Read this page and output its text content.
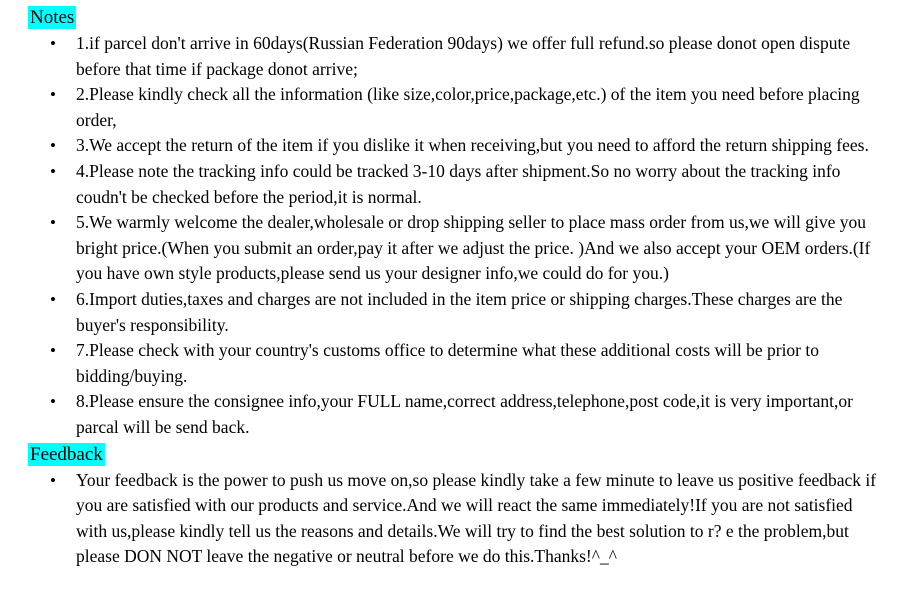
Notes
• 1.if parcel don't arrive in 60days(Russian Federation 90days) we offer full refund.so please donot open dispute before that time if package donot arrive;
• 2.Please kindly check all the information (like size,color,price,package,etc.) of the item you need before placing order,
• 3.We accept the return of the item if you dislike it when receiving,but you need to afford the return shipping fees.
• 4.Please note the tracking info could be tracked 3-10 days after shipment.So no worry about the tracking info coudn't be checked before the period,it is normal.
• 5.We warmly welcome the dealer,wholesale or drop shipping seller to place mass order from us,we will give you bright price.(When you submit an order,pay it after we adjust the price. )And we also accept your OEM orders.(If you have own style products,please send us your designer info,we could do for you.)
• 6.Import duties,taxes and charges are not included in the item price or shipping charges.These charges are the buyer's responsibility.
• 7.Please check with your country's customs office to determine what these additional costs will be prior to bidding/buying.
• 8.Please ensure the consignee info,your FULL name,correct address,telephone,post code,it is very important,or parcal will be send back.
Feedback
• Your feedback is the power to push us move on,so please kindly take a few minute to leave us positive feedback if you are satisfied with our products and service.And we will react the same immediately!If you are not satisfied with us,please kindly tell us the reasons and details.We will try to find the best solution to r? e the problem,but please DON NOT leave the negative or neutral before we do this.Thanks!^_^
